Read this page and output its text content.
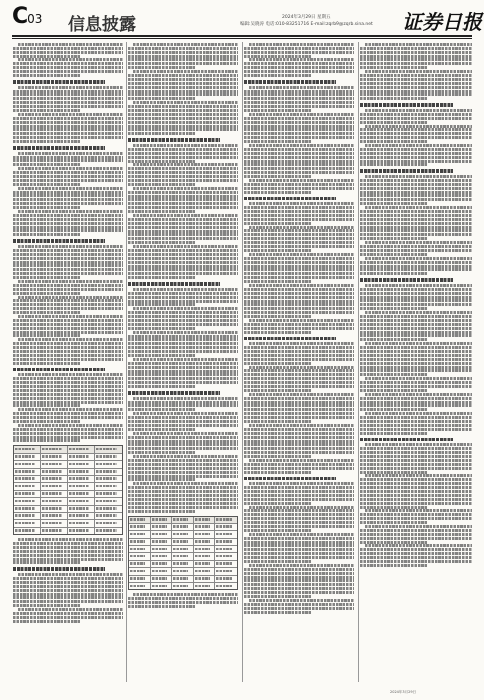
C03 信息披露	2024年3月29日 星期五
编辑:吴晓涛 电话:010-83251716 E-mail:zqrb9@zqrb.sina.net 证券日报
2024年3月29日
